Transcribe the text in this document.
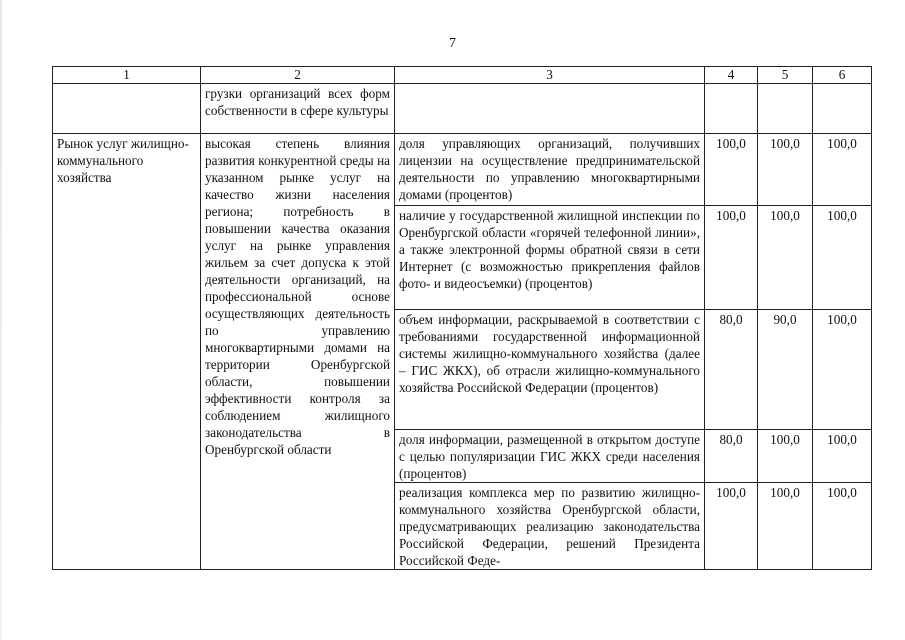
7
1	2	3	4	5	6
	грузки организаций всех форм собственности в сфере культуры				
Рынок услуг жилищно-коммунального хозяйства	высокая степень влияния развития конкурентной среды на указанном рынке услуг на качество жизни населения региона; потребность в повышении качества оказания услуг на рынке управления жильем за счет допуска к этой деятельности организаций, на профессиональной основе осуществляющих деятельность по управлению многоквартирными домами на территории Оренбургской области, повышении эффективности контроля за соблюдением жилищного законодательства в Оренбургской области	доля управляющих организаций, получивших лицензии на осуществление предпринимательской деятельности по управлению многоквартирными домами (процентов)	100,0	100,0	100,0
		наличие у государственной жилищной инспекции по Оренбургской области «горячей телефонной линии», а также электронной формы обратной связи в сети Интернет (с возможностью прикрепления файлов фото- и видеосъемки) (процентов)	100,0	100,0	100,0
		объем информации, раскрываемой в соответствии с требованиями государственной информационной системы жилищно-коммунального хозяйства (далее – ГИС ЖКХ), об отрасли жилищно-коммунального хозяйства Российской Федерации (процентов)	80,0	90,0	100,0
		доля информации, размещенной в открытом доступе с целью популяризации ГИС ЖКХ среди населения (процентов)	80,0	100,0	100,0
		реализация комплекса мер по развитию жилищно-коммунального хозяйства Оренбургской области, предусматривающих реализацию законодательства Российской Федерации, решений Президента Российской Феде-	100,0	100,0	100,0
